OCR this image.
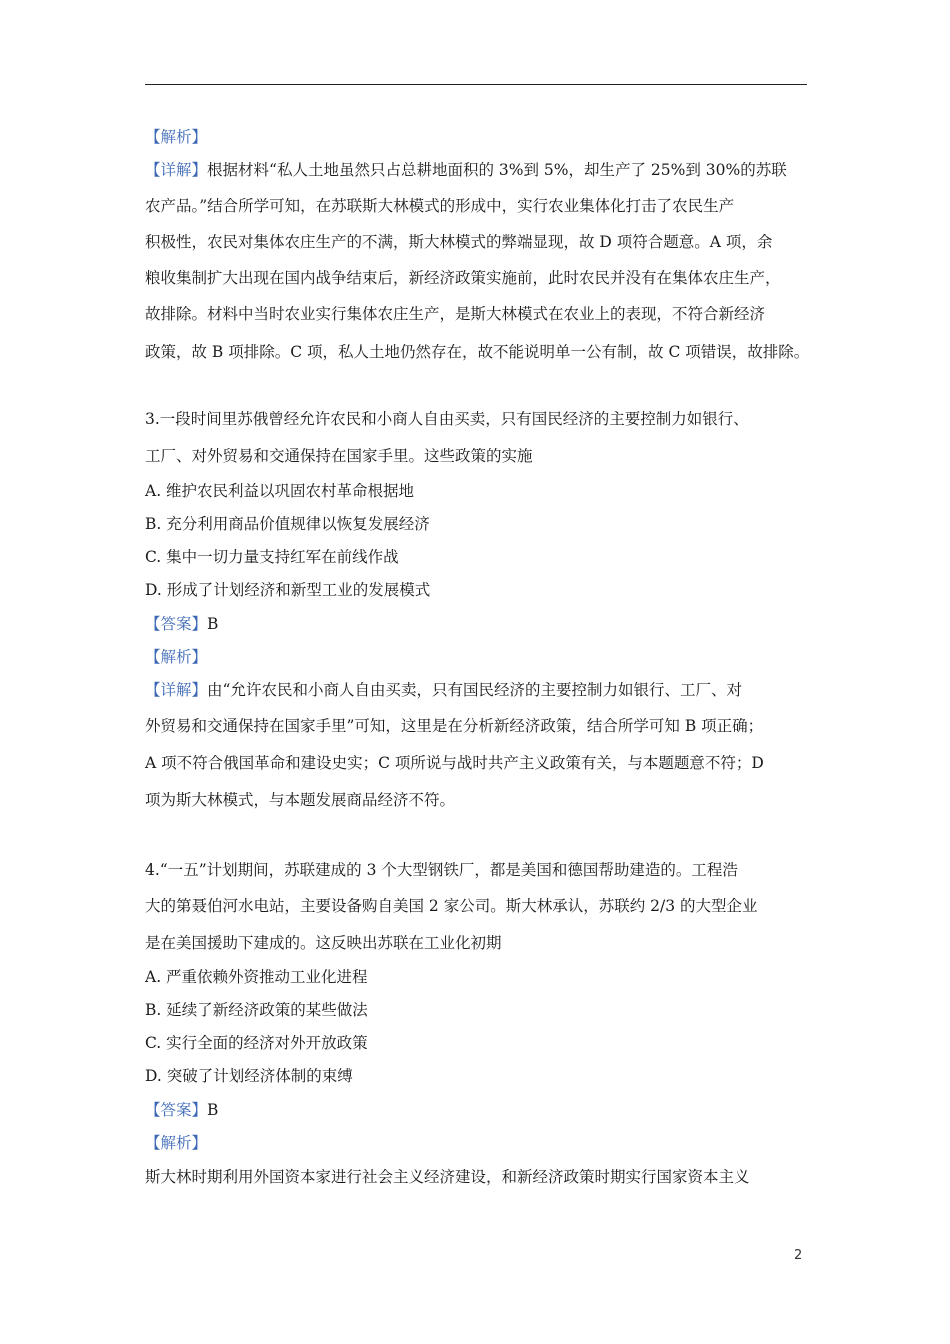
【解析】
【详解】根据材料“私人土地虽然只占总耕地面积的 3%到 5%，却生产了 25%到 30%的苏联
农产品。”结合所学可知，在苏联斯大林模式的形成中，实行农业集体化打击了农民生产
积极性，农民对集体农庄生产的不满，斯大林模式的弊端显现，故 D 项符合题意。A 项，余
粮收集制扩大出现在国内战争结束后，新经济政策实施前，此时农民并没有在集体农庄生产，
故排除。材料中当时农业实行集体农庄生产，是斯大林模式在农业上的表现，不符合新经济
政策，故 B 项排除。C 项，私人土地仍然存在，故不能说明单一公有制，故 C 项错误，故排除。
3.一段时间里苏俄曾经允许农民和小商人自由买卖，只有国民经济的主要控制力如银行、
工厂、对外贸易和交通保持在国家手里。这些政策的实施
A. 维护农民利益以巩固农村革命根据地
B. 充分利用商品价值规律以恢复发展经济
C. 集中一切力量支持红军在前线作战
D. 形成了计划经济和新型工业的发展模式
【答案】B
【解析】
【详解】由“允许农民和小商人自由买卖，只有国民经济的主要控制力如银行、工厂、对
外贸易和交通保持在国家手里”可知，这里是在分析新经济政策，结合所学可知 B 项正确；
A 项不符合俄国革命和建设史实；C 项所说与战时共产主义政策有关，与本题题意不符；D
项为斯大林模式，与本题发展商品经济不符。
4.“一五”计划期间，苏联建成的 3 个大型钢铁厂，都是美国和德国帮助建造的。工程浩
大的第聂伯河水电站，主要设备购自美国 2 家公司。斯大林承认，苏联约 2/3 的大型企业
是在美国援助下建成的。这反映出苏联在工业化初期
A. 严重依赖外资推动工业化进程
B. 延续了新经济政策的某些做法
C. 实行全面的经济对外开放政策
D. 突破了计划经济体制的束缚
【答案】B
【解析】
斯大林时期利用外国资本家进行社会主义经济建设，和新经济政策时期实行国家资本主义
2
